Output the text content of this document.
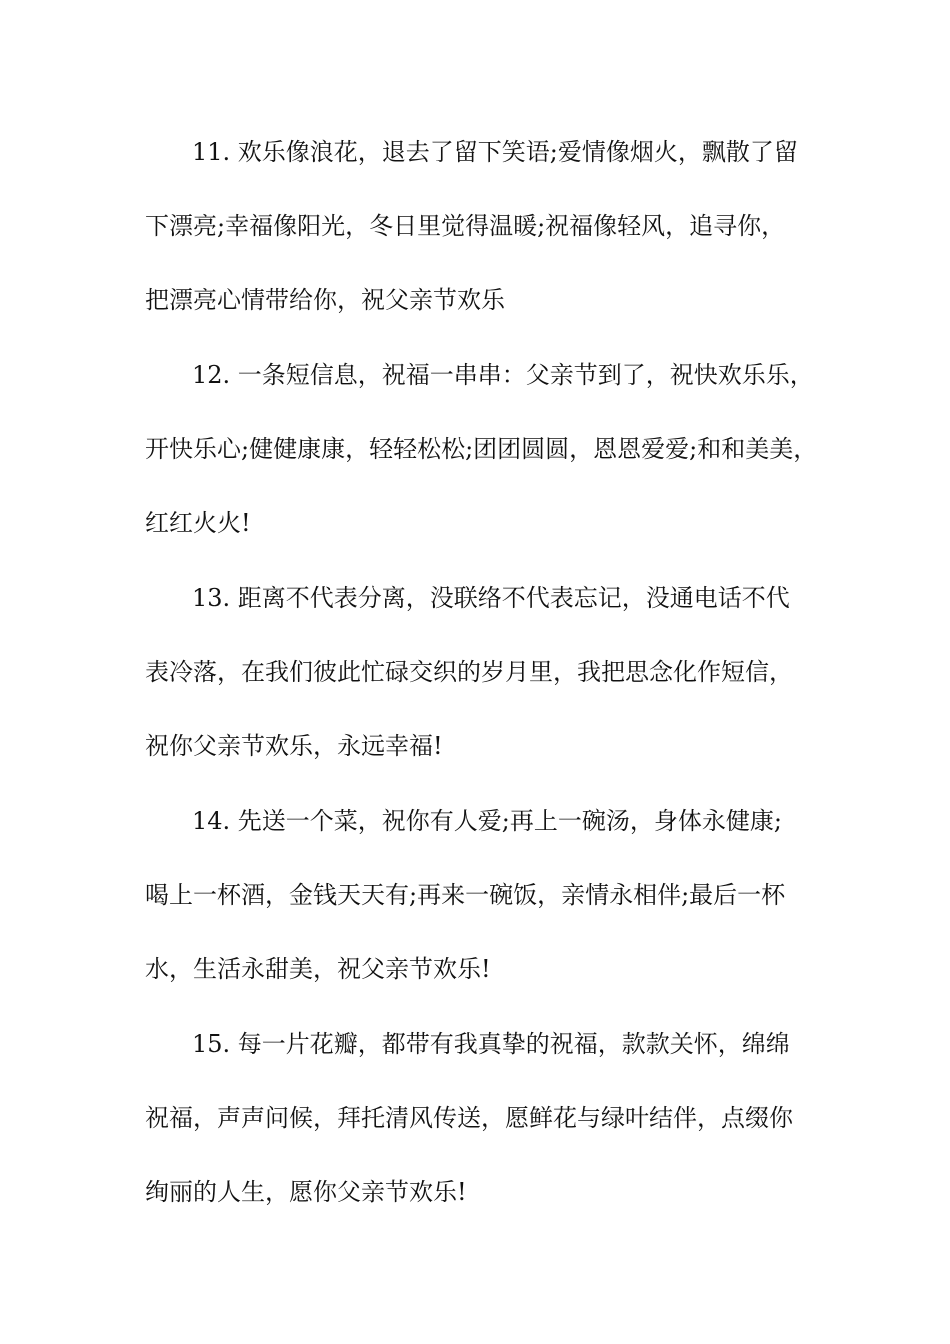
11. 欢乐像浪花，退去了留下笑语;爱情像烟火，飘散了留
下漂亮;幸福像阳光，冬日里觉得温暖;祝福像轻风，追寻你，
把漂亮心情带给你，祝父亲节欢乐
12. 一条短信息，祝福一串串：父亲节到了，祝快欢乐乐，
开快乐心;健健康康，轻轻松松;团团圆圆，恩恩爱爱;和和美美，
红红火火!
13. 距离不代表分离，没联络不代表忘记，没通电话不代
表冷落，在我们彼此忙碌交织的岁月里，我把思念化作短信，
祝你父亲节欢乐，永远幸福!
14. 先送一个菜，祝你有人爱;再上一碗汤，身体永健康;
喝上一杯酒，金钱天天有;再来一碗饭，亲情永相伴;最后一杯
水，生活永甜美，祝父亲节欢乐!
15. 每一片花瓣，都带有我真挚的祝福，款款关怀，绵绵
祝福，声声问候，拜托清风传送，愿鲜花与绿叶结伴，点缀你
绚丽的人生，愿你父亲节欢乐!
